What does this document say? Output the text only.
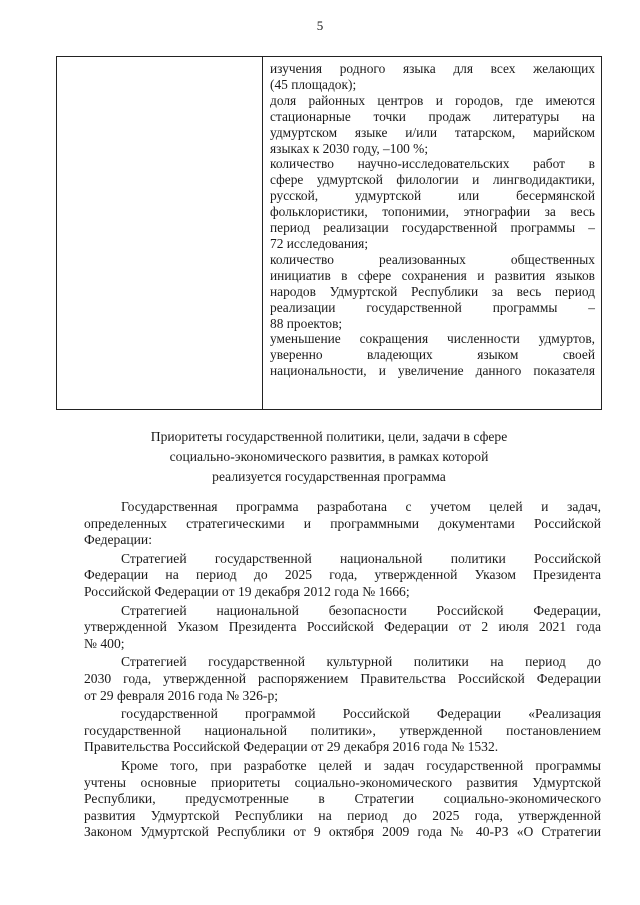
5
изучения родного языка для всех желающих
(45 площадок);
доля районных центров и городов, где имеются
стационарные точки продаж литературы на
удмуртском языке и/или татарском, марийском
языках к 2030 году, –100 %;
количество научно-исследовательских работ в
сфере удмуртской филологии и лингводидактики,
русской, удмуртской или бесермянской
фольклористики, топонимии, этнографии за весь
период реализации государственной программы –
72 исследования;
количество реализованных общественных
инициатив в сфере сохранения и развития языков
народов Удмуртской Республики за весь период
реализации государственной программы –
88 проектов;
уменьшение сокращения численности удмуртов,
уверенно владеющих языком своей
национальности, и увеличение данного показателя
Приоритеты государственной политики, цели, задачи в сфере
социально-экономического развития, в рамках которой
реализуется государственная программа
Государственная программа разработана с учетом целей и задач,
определенных стратегическими и программными документами Российской
Федерации:
Стратегией государственной национальной политики Российской
Федерации на период до 2025 года, утвержденной Указом Президента
Российской Федерации от 19 декабря 2012 года № 1666;
Стратегией национальной безопасности Российской Федерации,
утвержденной Указом Президента Российской Федерации от 2 июля 2021 года
№ 400;
Стратегией государственной культурной политики на период до
2030 года, утвержденной распоряжением Правительства Российской Федерации
от 29 февраля 2016 года № 326-р;
государственной программой Российской Федерации «Реализация
государственной национальной политики», утвержденной постановлением
Правительства Российской Федерации от 29 декабря 2016 года № 1532.
Кроме того, при разработке целей и задач государственной программы
учтены основные приоритеты социально-экономического развития Удмуртской
Республики, предусмотренные в Стратегии социально-экономического
развития Удмуртской Республики на период до 2025 года, утвержденной
Законом Удмуртской Республики от 9 октября 2009 года № 40-РЗ «О Стратегии
